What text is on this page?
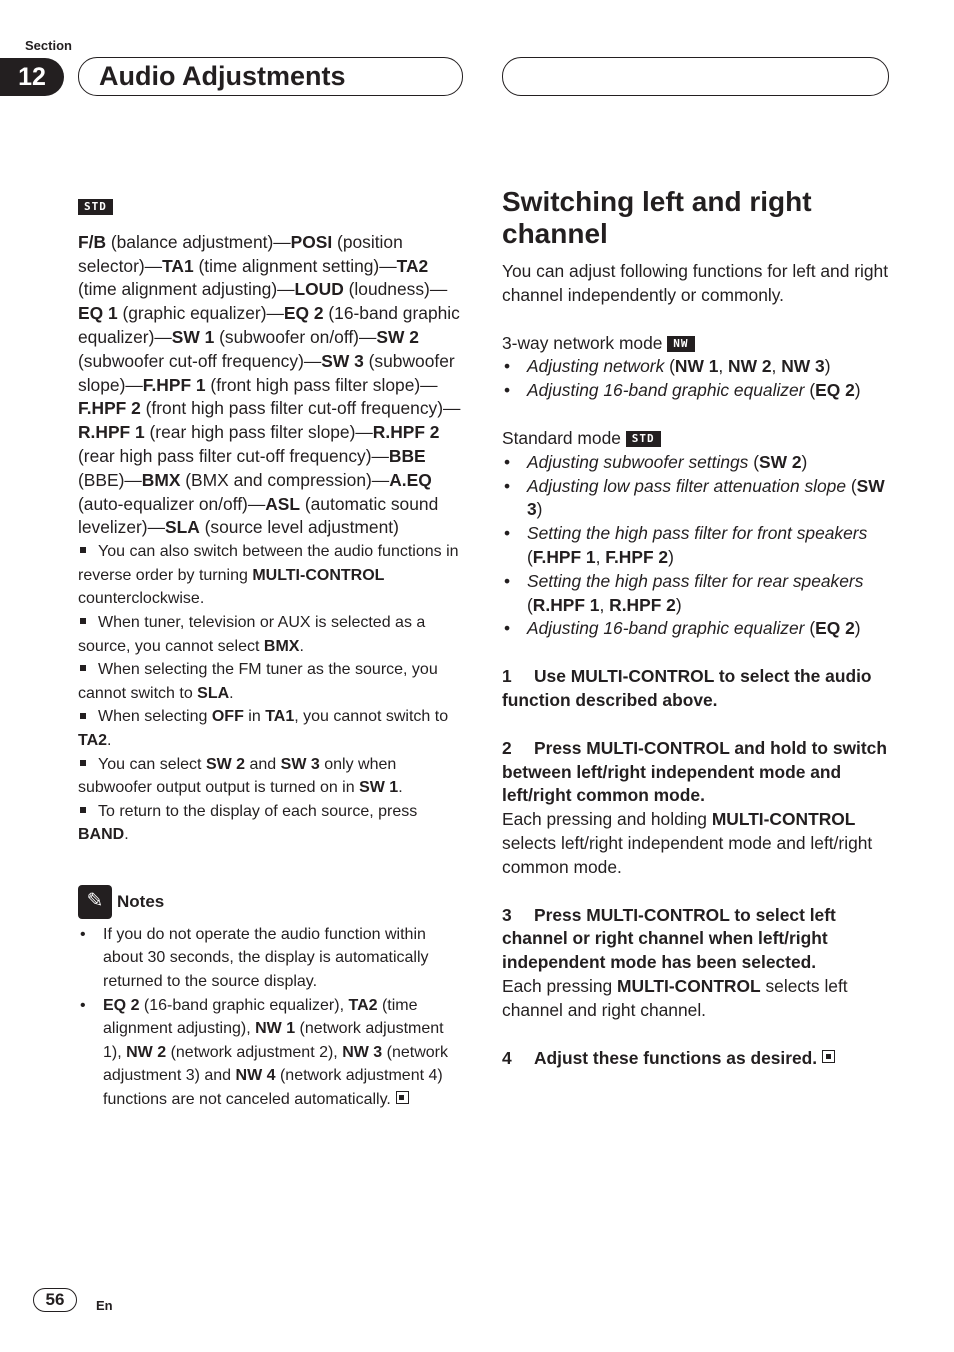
Section
12	Audio Adjustments
STD

F/B (balance adjustment)—POSI (position selector)—TA1 (time alignment setting)—TA2 (time alignment adjusting)—LOUD (loudness)—EQ 1 (graphic equalizer)—EQ 2 (16-band graphic equalizer)—SW 1 (subwoofer on/off)—SW 2 (subwoofer cut-off frequency)—SW 3 (subwoofer slope)—F.HPF 1 (front high pass filter slope)—F.HPF 2 (front high pass filter cut-off frequency)—R.HPF 1 (rear high pass filter slope)—R.HPF 2 (rear high pass filter cut-off frequency)—BBE (BBE)—BMX (BMX and compression)—A.EQ (auto-equalizer on/off)—ASL (automatic sound levelizer)—SLA (source level adjustment)

You can also switch between the audio functions in reverse order by turning MULTI-CONTROL counterclockwise.

When tuner, television or AUX is selected as a source, you cannot select BMX.

When selecting the FM tuner as the source, you cannot switch to SLA.

When selecting OFF in TA1, you cannot switch to TA2.

You can select SW 2 and SW 3 only when subwoofer output output is turned on in SW 1.

To return to the display of each source, press BAND.

✎ Notes
• If you do not operate the audio function within about 30 seconds, the display is automatically returned to the source display.
• EQ 2 (16-band graphic equalizer), TA2 (time alignment adjusting), NW 1 (network adjustment 1), NW 2 (network adjustment 2), NW 3 (network adjustment 3) and NW 4 (network adjustment 4) functions are not canceled automatically.
Switching left and right channel

You can adjust following functions for left and right channel independently or commonly.

3-way network mode NW

• Adjusting network (NW 1, NW 2, NW 3)
• Adjusting 16-band graphic equalizer (EQ 2)

Standard mode STD

• Adjusting subwoofer settings (SW 2)
• Adjusting low pass filter attenuation slope (SW 3)
• Setting the high pass filter for front speakers (F.HPF 1, F.HPF 2)
• Setting the high pass filter for rear speakers (R.HPF 1, R.HPF 2)
• Adjusting 16-band graphic equalizer (EQ 2)

1 Use MULTI-CONTROL to select the audio function described above.

2 Press MULTI-CONTROL and hold to switch between left/right independent mode and left/right common mode.

Each pressing and holding MULTI-CONTROL selects left/right independent mode and left/right common mode.

3 Press MULTI-CONTROL to select left channel or right channel when left/right independent mode has been selected.

Each pressing MULTI-CONTROL selects left channel and right channel.

4 Adjust these functions as desired.

56	En
